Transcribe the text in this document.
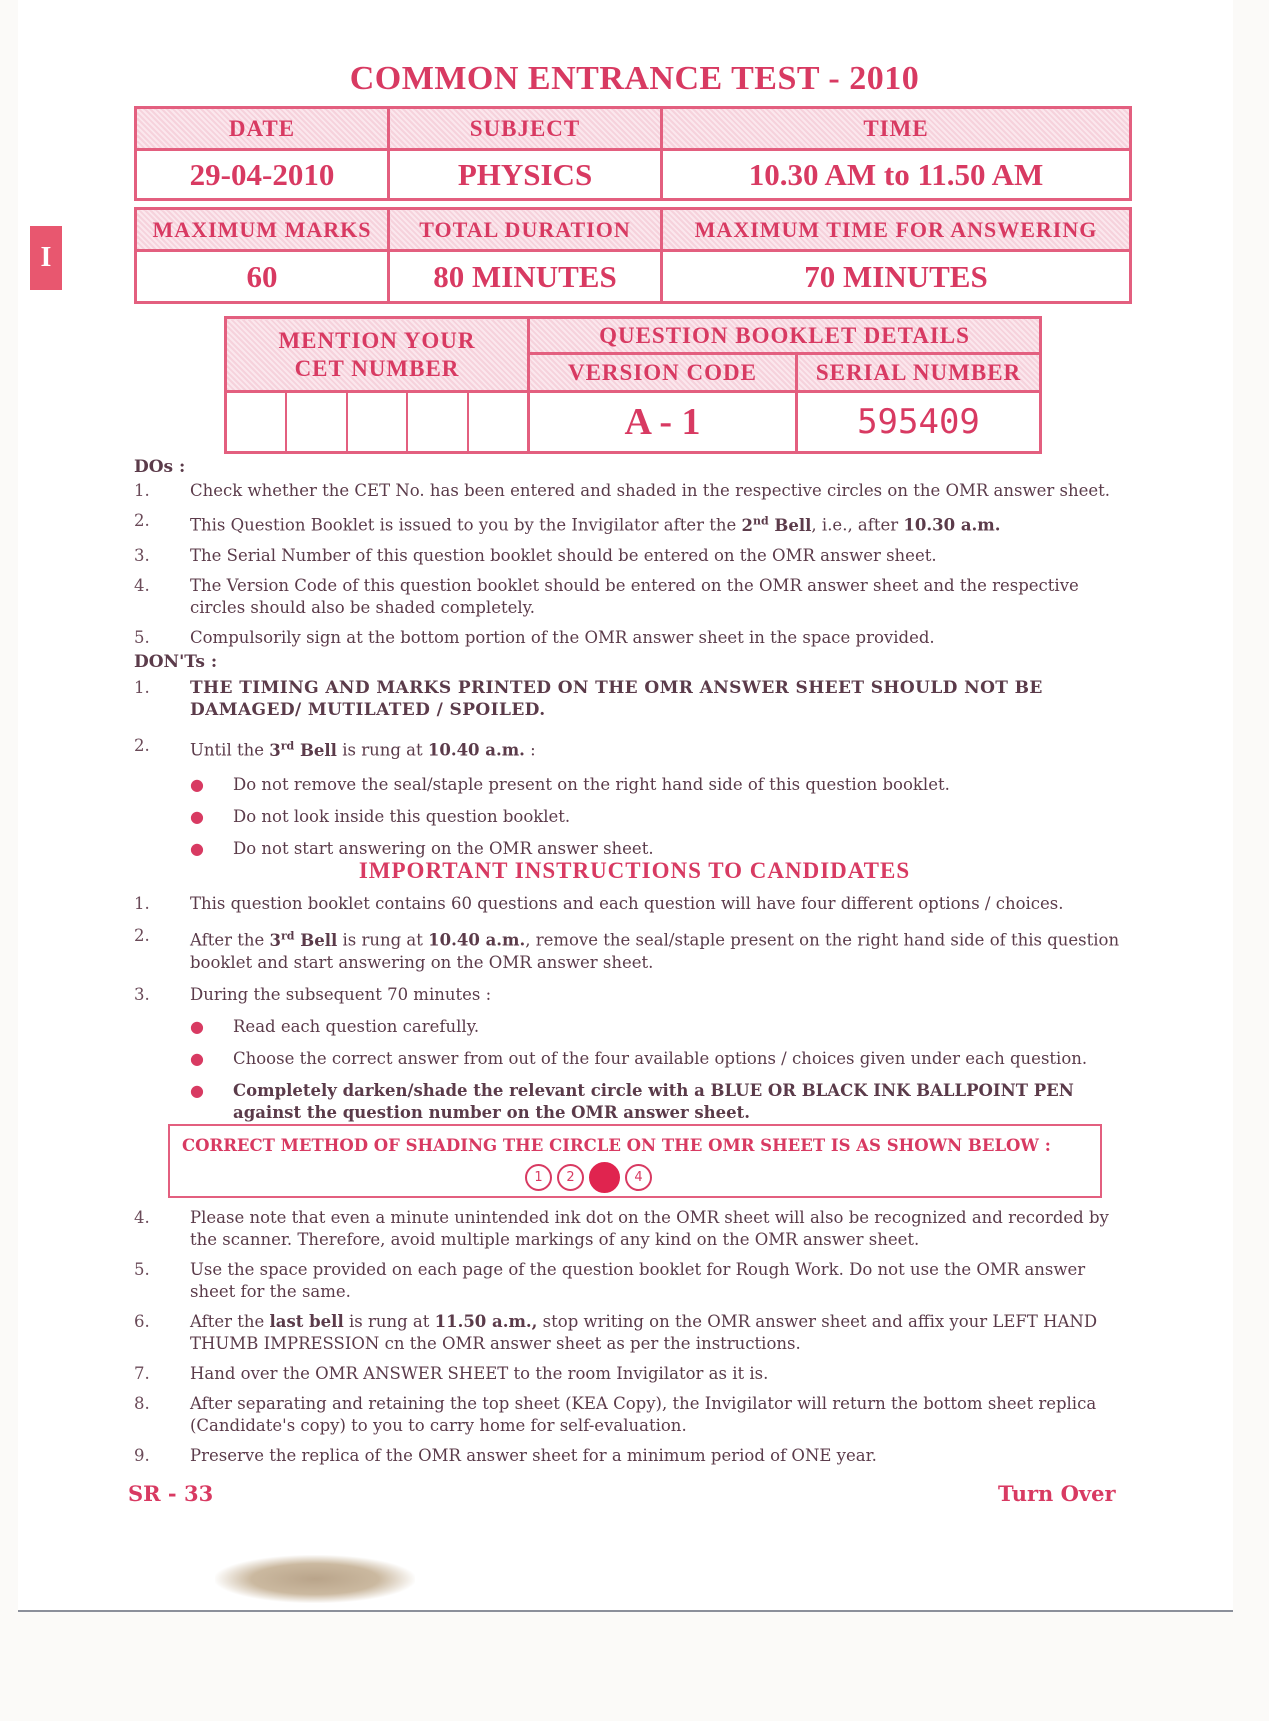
I
COMMON ENTRANCE TEST - 2010
DATE	SUBJECT	TIME
29-04-2010	PHYSICS	10.30 AM to 11.50 AM
MAXIMUM MARKS	TOTAL DURATION	MAXIMUM TIME FOR ANSWERING
60	80 MINUTES	70 MINUTES
MENTION YOUR
CET NUMBER	QUESTION BOOKLET DETAILS	
	VERSION CODE	SERIAL NUMBER

	A - 1	595409
DOs :
1.	Check whether the CET No. has been entered and shaded in the respective circles on the OMR answer sheet.
2.	This Question Booklet is issued to you by the Invigilator after the 2nd Bell, i.e., after 10.30 a.m.
3.	The Serial Number of this question booklet should be entered on the OMR answer sheet.
4.	The Version Code of this question booklet should be entered on the OMR answer sheet and the respective circles should also be shaded completely.
5.	Compulsorily sign at the bottom portion of the OMR answer sheet in the space provided.
DON'Ts :
1.	THE TIMING AND MARKS PRINTED ON THE OMR ANSWER SHEET SHOULD NOT BE DAMAGED/ MUTILATED / SPOILED.
2.	Until the 3rd Bell is rung at 10.40 a.m. :
●	Do not remove the seal/staple present on the right hand side of this question booklet.
●	Do not look inside this question booklet.
●	Do not start answering on the OMR answer sheet.
IMPORTANT INSTRUCTIONS TO CANDIDATES
1.	This question booklet contains 60 questions and each question will have four different options / choices.
2.	After the 3rd Bell is rung at 10.40 a.m., remove the seal/staple present on the right hand side of this question booklet and start answering on the OMR answer sheet.
3.	During the subsequent 70 minutes :
●	Read each question carefully.
●	Choose the correct answer from out of the four available options / choices given under each question.
●	Completely darken/shade the relevant circle with a BLUE OR BLACK INK BALLPOINT PEN against the question number on the OMR answer sheet.
CORRECT METHOD OF SHADING THE CIRCLE ON THE OMR SHEET IS AS SHOWN BELOW :
1	2	4
4.	Please note that even a minute unintended ink dot on the OMR sheet will also be recognized and recorded by the scanner. Therefore, avoid multiple markings of any kind on the OMR answer sheet.
5.	Use the space provided on each page of the question booklet for Rough Work. Do not use the OMR answer sheet for the same.
6.	After the last bell is rung at 11.50 a.m., stop writing on the OMR answer sheet and affix your LEFT HAND THUMB IMPRESSION сn the OMR answer sheet as per the instructions.
7.	Hand over the OMR ANSWER SHEET to the room Invigilator as it is.
8.	After separating and retaining the top sheet (KEA Copy), the Invigilator will return the bottom sheet replica (Candidate's copy) to you to carry home for self-evaluation.
9.	Preserve the replica of the OMR answer sheet for a minimum period of ONE year.
SR - 33	Turn Over
